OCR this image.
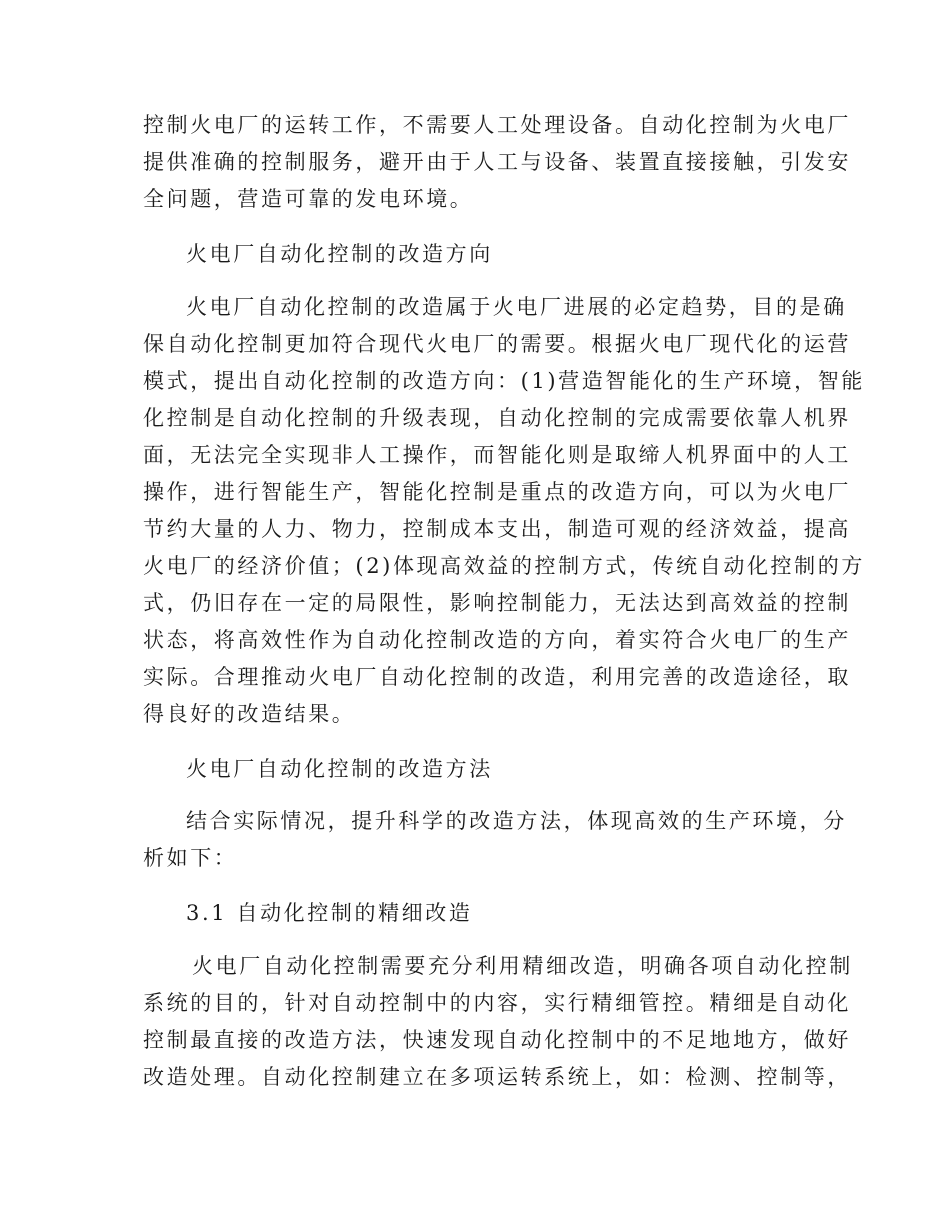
控制火电厂的运转工作，不需要人工处理设备。自动化控制为火电厂
提供准确的控制服务，避开由于人工与设备、装置直接接触，引发安
全问题，营造可靠的发电环境。
火电厂自动化控制的改造方向
火电厂自动化控制的改造属于火电厂进展的必定趋势，目的是确
保自动化控制更加符合现代火电厂的需要。根据火电厂现代化的运营
模式，提出自动化控制的改造方向：(1)营造智能化的生产环境，智能
化控制是自动化控制的升级表现，自动化控制的完成需要依靠人机界
面，无法完全实现非人工操作，而智能化则是取缔人机界面中的人工
操作，进行智能生产，智能化控制是重点的改造方向，可以为火电厂
节约大量的人力、物力，控制成本支出，制造可观的经济效益，提高
火电厂的经济价值；(2)体现高效益的控制方式，传统自动化控制的方
式，仍旧存在一定的局限性，影响控制能力，无法达到高效益的控制
状态，将高效性作为自动化控制改造的方向，着实符合火电厂的生产
实际。合理推动火电厂自动化控制的改造，利用完善的改造途径，取
得良好的改造结果。
火电厂自动化控制的改造方法
结合实际情况，提升科学的改造方法，体现高效的生产环境，分
析如下：
3.1 自动化控制的精细改造
火电厂自动化控制需要充分利用精细改造，明确各项自动化控制
系统的目的，针对自动控制中的内容，实行精细管控。精细是自动化
控制最直接的改造方法，快速发现自动化控制中的不足地地方，做好
改造处理。自动化控制建立在多项运转系统上，如：检测、控制等，
